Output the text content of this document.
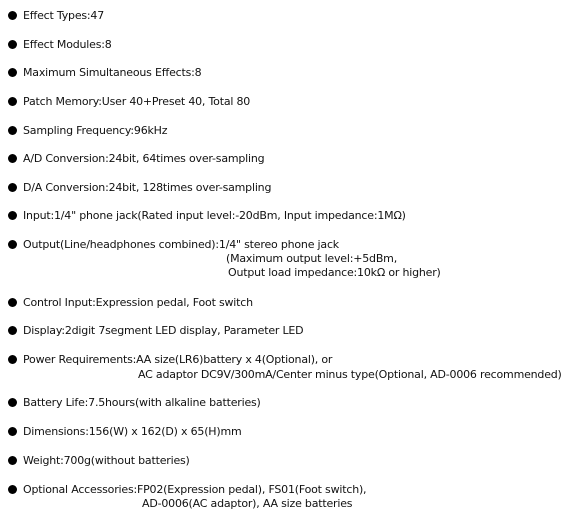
Effect Types:47
Effect Modules:8
Maximum Simultaneous Effects:8
Patch Memory:User 40+Preset 40, Total 80
Sampling Frequency:96kHz
A/D Conversion:24bit, 64times over-sampling
D/A Conversion:24bit, 128times over-sampling
Input:1/4" phone jack(Rated input level:-20dBm, Input impedance:1MΩ)
Output(Line/headphones combined):1/4" stereo phone jack
(Maximum output level:+5dBm,
Output load impedance:10kΩ or higher)
Control Input:Expression pedal, Foot switch
Display:2digit 7segment LED display, Parameter LED
Power Requirements:AA size(LR6)battery x 4(Optional), or
AC adaptor DC9V/300mA/Center minus type(Optional, AD-0006 recommended)
Battery Life:7.5hours(with alkaline batteries)
Dimensions:156(W) x 162(D) x 65(H)mm
Weight:700g(without batteries)
Optional Accessories:FP02(Expression pedal), FS01(Foot switch),
AD-0006(AC adaptor), AA size batteries
